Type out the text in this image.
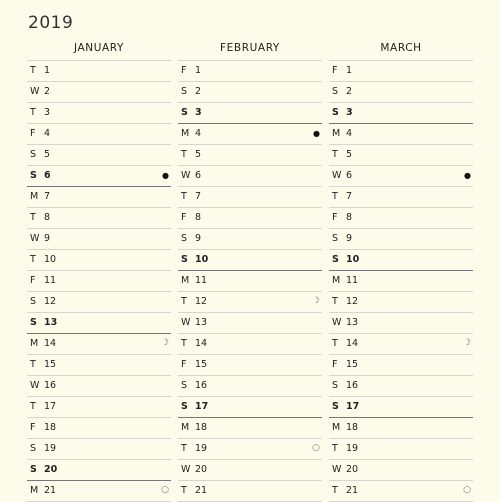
2019
JANUARY
T 1
W 2
T 3
F 4
S 5
S 6	●
M 7
T 8
W 9
T 10
F 11
S 12
S 13
M 14	☽
T 15
W 16
T 17
F 18
S 19
S 20
M 21	○
FEBRUARY
F 1
S 2
S 3
M 4	●
T 5
W 6
T 7
F 8
S 9
S 10
M 11
T 12	☽
W 13
T 14
F 15
S 16
S 17
M 18
T 19	○
W 20
T 21
MARCH
F 1
S 2
S 3
M 4
T 5
W 6	●
T 7
F 8
S 9
S 10
M 11
T 12
W 13
T 14	☽
F 15
S 16
S 17
M 18
T 19
W 20
T 21	○
